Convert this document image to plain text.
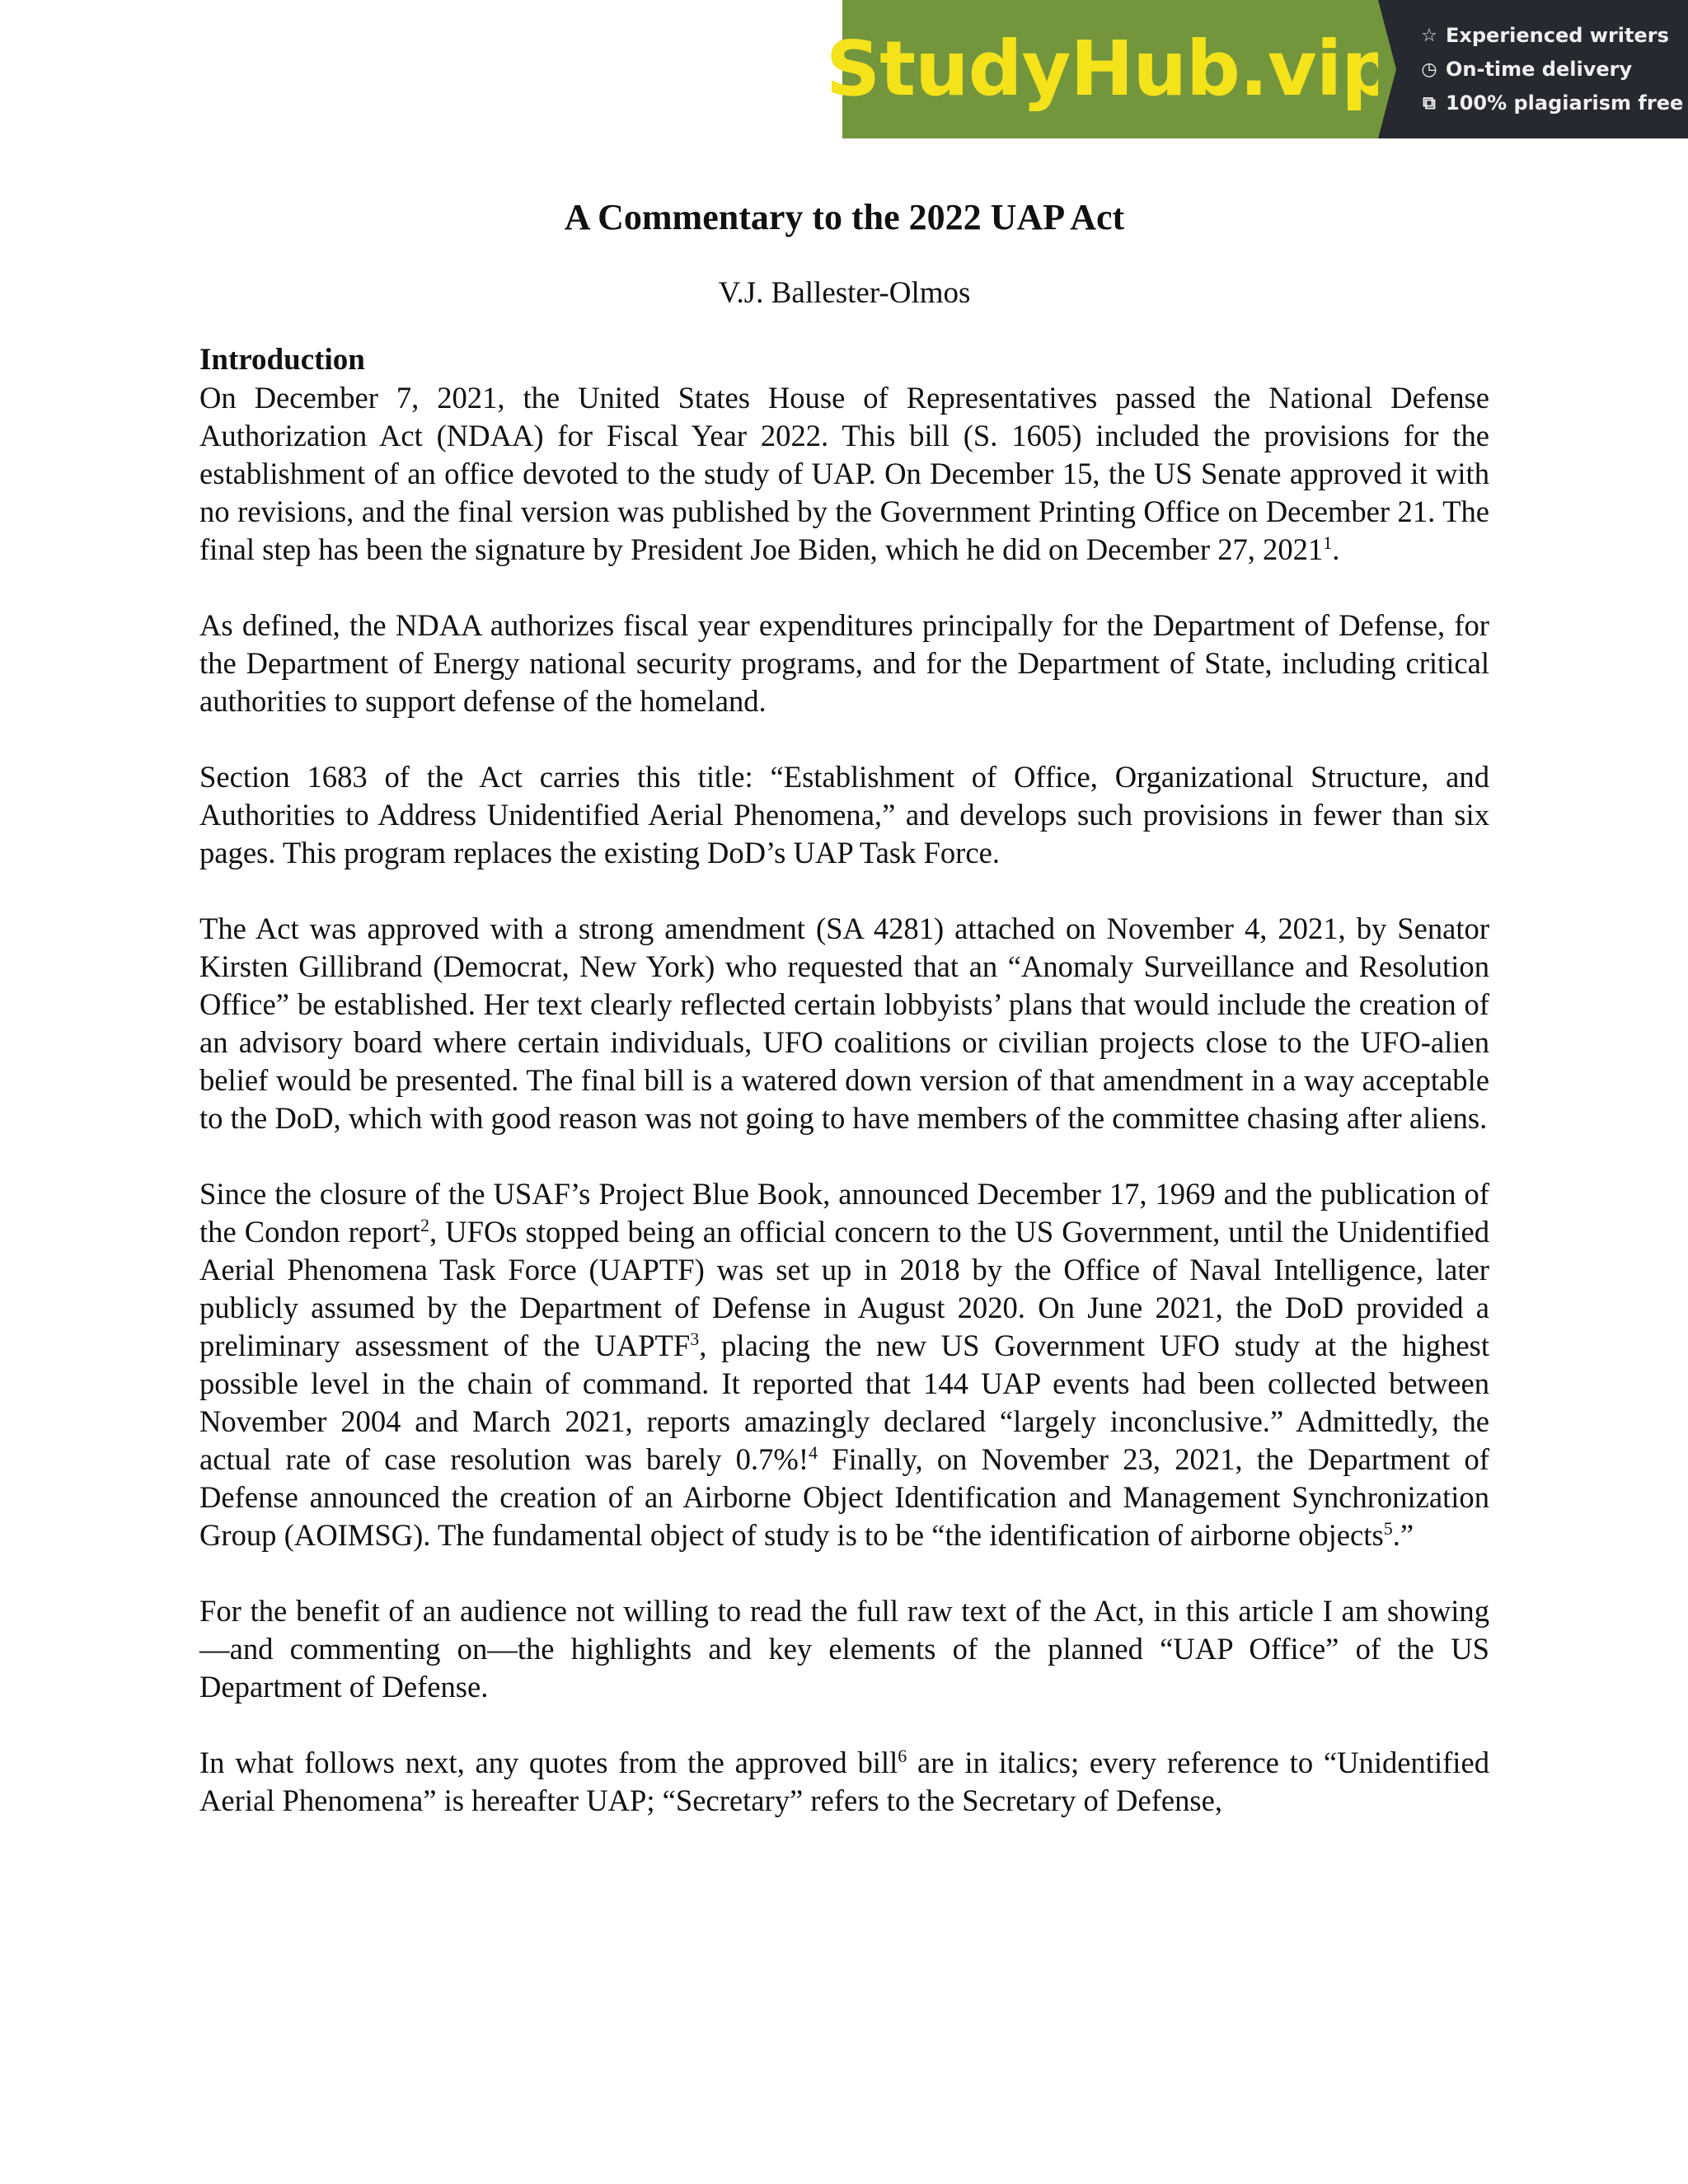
StudyHub.vip ☆ Experienced writers
◷ On-time delivery
⧉ 100% plagiarism free
A Commentary to the 2022 UAP Act

V.J. Ballester-Olmos

Introduction

On December 7, 2021, the United States House of Representatives passed the National Defense Authorization Act (NDAA) for Fiscal Year 2022. This bill (S. 1605) included the provisions for the establishment of an office devoted to the study of UAP. On December 15, the US Senate approved it with no revisions, and the final version was published by the Government Printing Office on December 21. The final step has been the signature by President Joe Biden, which he did on December 27, 2021$^1$.

As defined, the NDAA authorizes fiscal year expenditures principally for the Department of Defense, for the Department of Energy national security programs, and for the Department of State, including critical authorities to support defense of the homeland.

Section 1683 of the Act carries this title: “Establishment of Office, Organizational Structure, and Authorities to Address Unidentified Aerial Phenomena,” and develops such provisions in fewer than six pages. This program replaces the existing DoD’s UAP Task Force.

The Act was approved with a strong amendment (SA 4281) attached on November 4, 2021, by Senator Kirsten Gillibrand (Democrat, New York) who requested that an “Anomaly Surveillance and Resolution Office” be established. Her text clearly reflected certain lobbyists’ plans that would include the creation of an advisory board where certain individuals, UFO coalitions or civilian projects close to the UFO-alien belief would be presented. The final bill is a watered down version of that amendment in a way acceptable to the DoD, which with good reason was not going to have members of the committee chasing after aliens.

Since the closure of the USAF’s Project Blue Book, announced December 17, 1969 and the publication of the Condon report$^2$, UFOs stopped being an official concern to the US Government, until the Unidentified Aerial Phenomena Task Force (UAPTF) was set up in 2018 by the Office of Naval Intelligence, later publicly assumed by the Department of Defense in August 2020. On June 2021, the DoD provided a preliminary assessment of the UAPTF$^3$, placing the new US Government UFO study at the highest possible level in the chain of command. It reported that 144 UAP events had been collected between November 2004 and March 2021, reports amazingly declared “largely inconclusive.” Admittedly, the actual rate of case resolution was barely 0.7%!$^4$ Finally, on November 23, 2021, the Department of Defense announced the creation of an Airborne Object Identification and Management Synchronization Group (AOIMSG). The fundamental object of study is to be “the identification of airborne objects$^5$.”

For the benefit of an audience not willing to read the full raw text of the Act, in this article I am showing—and commenting on—the highlights and key elements of the planned “UAP Office” of the US Department of Defense.

In what follows next, any quotes from the approved bill$^6$ are in italics; every reference to “Unidentified Aerial Phenomena” is hereafter UAP; “Secretary” refers to the Secretary of Defense,
